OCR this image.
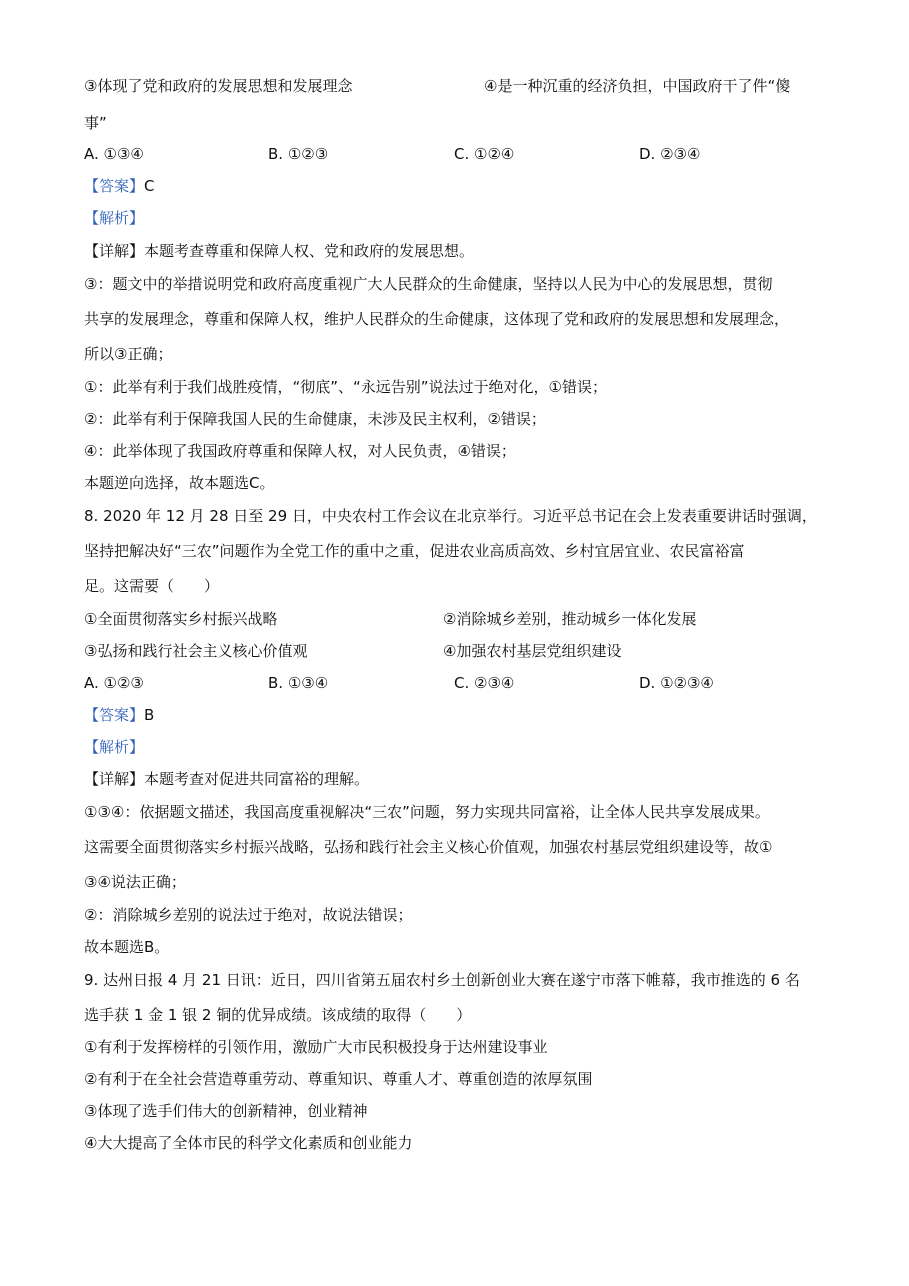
③体现了党和政府的发展思想和发展理念	④是一种沉重的经济负担，中国政府干了件“傻
事”
A. ①③④	B. ①②③	C. ①②④	D. ②③④
【答案】C
【解析】
【详解】本题考查尊重和保障人权、党和政府的发展思想。
③：题文中的举措说明党和政府高度重视广大人民群众的生命健康，坚持以人民为中心的发展思想，贯彻
共享的发展理念，尊重和保障人权，维护人民群众的生命健康，这体现了党和政府的发展思想和发展理念，
所以③正确；
①：此举有利于我们战胜疫情，“彻底”、“永远告别”说法过于绝对化，①错误；
②：此举有利于保障我国人民的生命健康，未涉及民主权利，②错误；
④：此举体现了我国政府尊重和保障人权，对人民负责，④错误；
本题逆向选择，故本题选C。
8. 2020 年 12 月 28 日至 29 日，中央农村工作会议在北京举行。习近平总书记在会上发表重要讲话时强调，
坚持把解决好“三农”问题作为全党工作的重中之重，促进农业高质高效、乡村宜居宜业、农民富裕富
足。这需要（　　）
①全面贯彻落实乡村振兴战略	②消除城乡差别，推动城乡一体化发展
③弘扬和践行社会主义核心价值观	④加强农村基层党组织建设
A. ①②③	B. ①③④	C. ②③④	D. ①②③④
【答案】B
【解析】
【详解】本题考查对促进共同富裕的理解。
①③④：依据题文描述，我国高度重视解决“三农”问题，努力实现共同富裕，让全体人民共享发展成果。
这需要全面贯彻落实乡村振兴战略，弘扬和践行社会主义核心价值观，加强农村基层党组织建设等，故①
③④说法正确；
②：消除城乡差别的说法过于绝对，故说法错误；
故本题选B。
9. 达州日报 4 月 21 日讯：近日，四川省第五届农村乡土创新创业大赛在遂宁市落下帷幕，我市推选的 6 名
选手获 1 金 1 银 2 铜的优异成绩。该成绩的取得（　　）
①有利于发挥榜样的引领作用，激励广大市民积极投身于达州建设事业
②有利于在全社会营造尊重劳动、尊重知识、尊重人才、尊重创造的浓厚氛围
③体现了选手们伟大的创新精神，创业精神
④大大提高了全体市民的科学文化素质和创业能力
